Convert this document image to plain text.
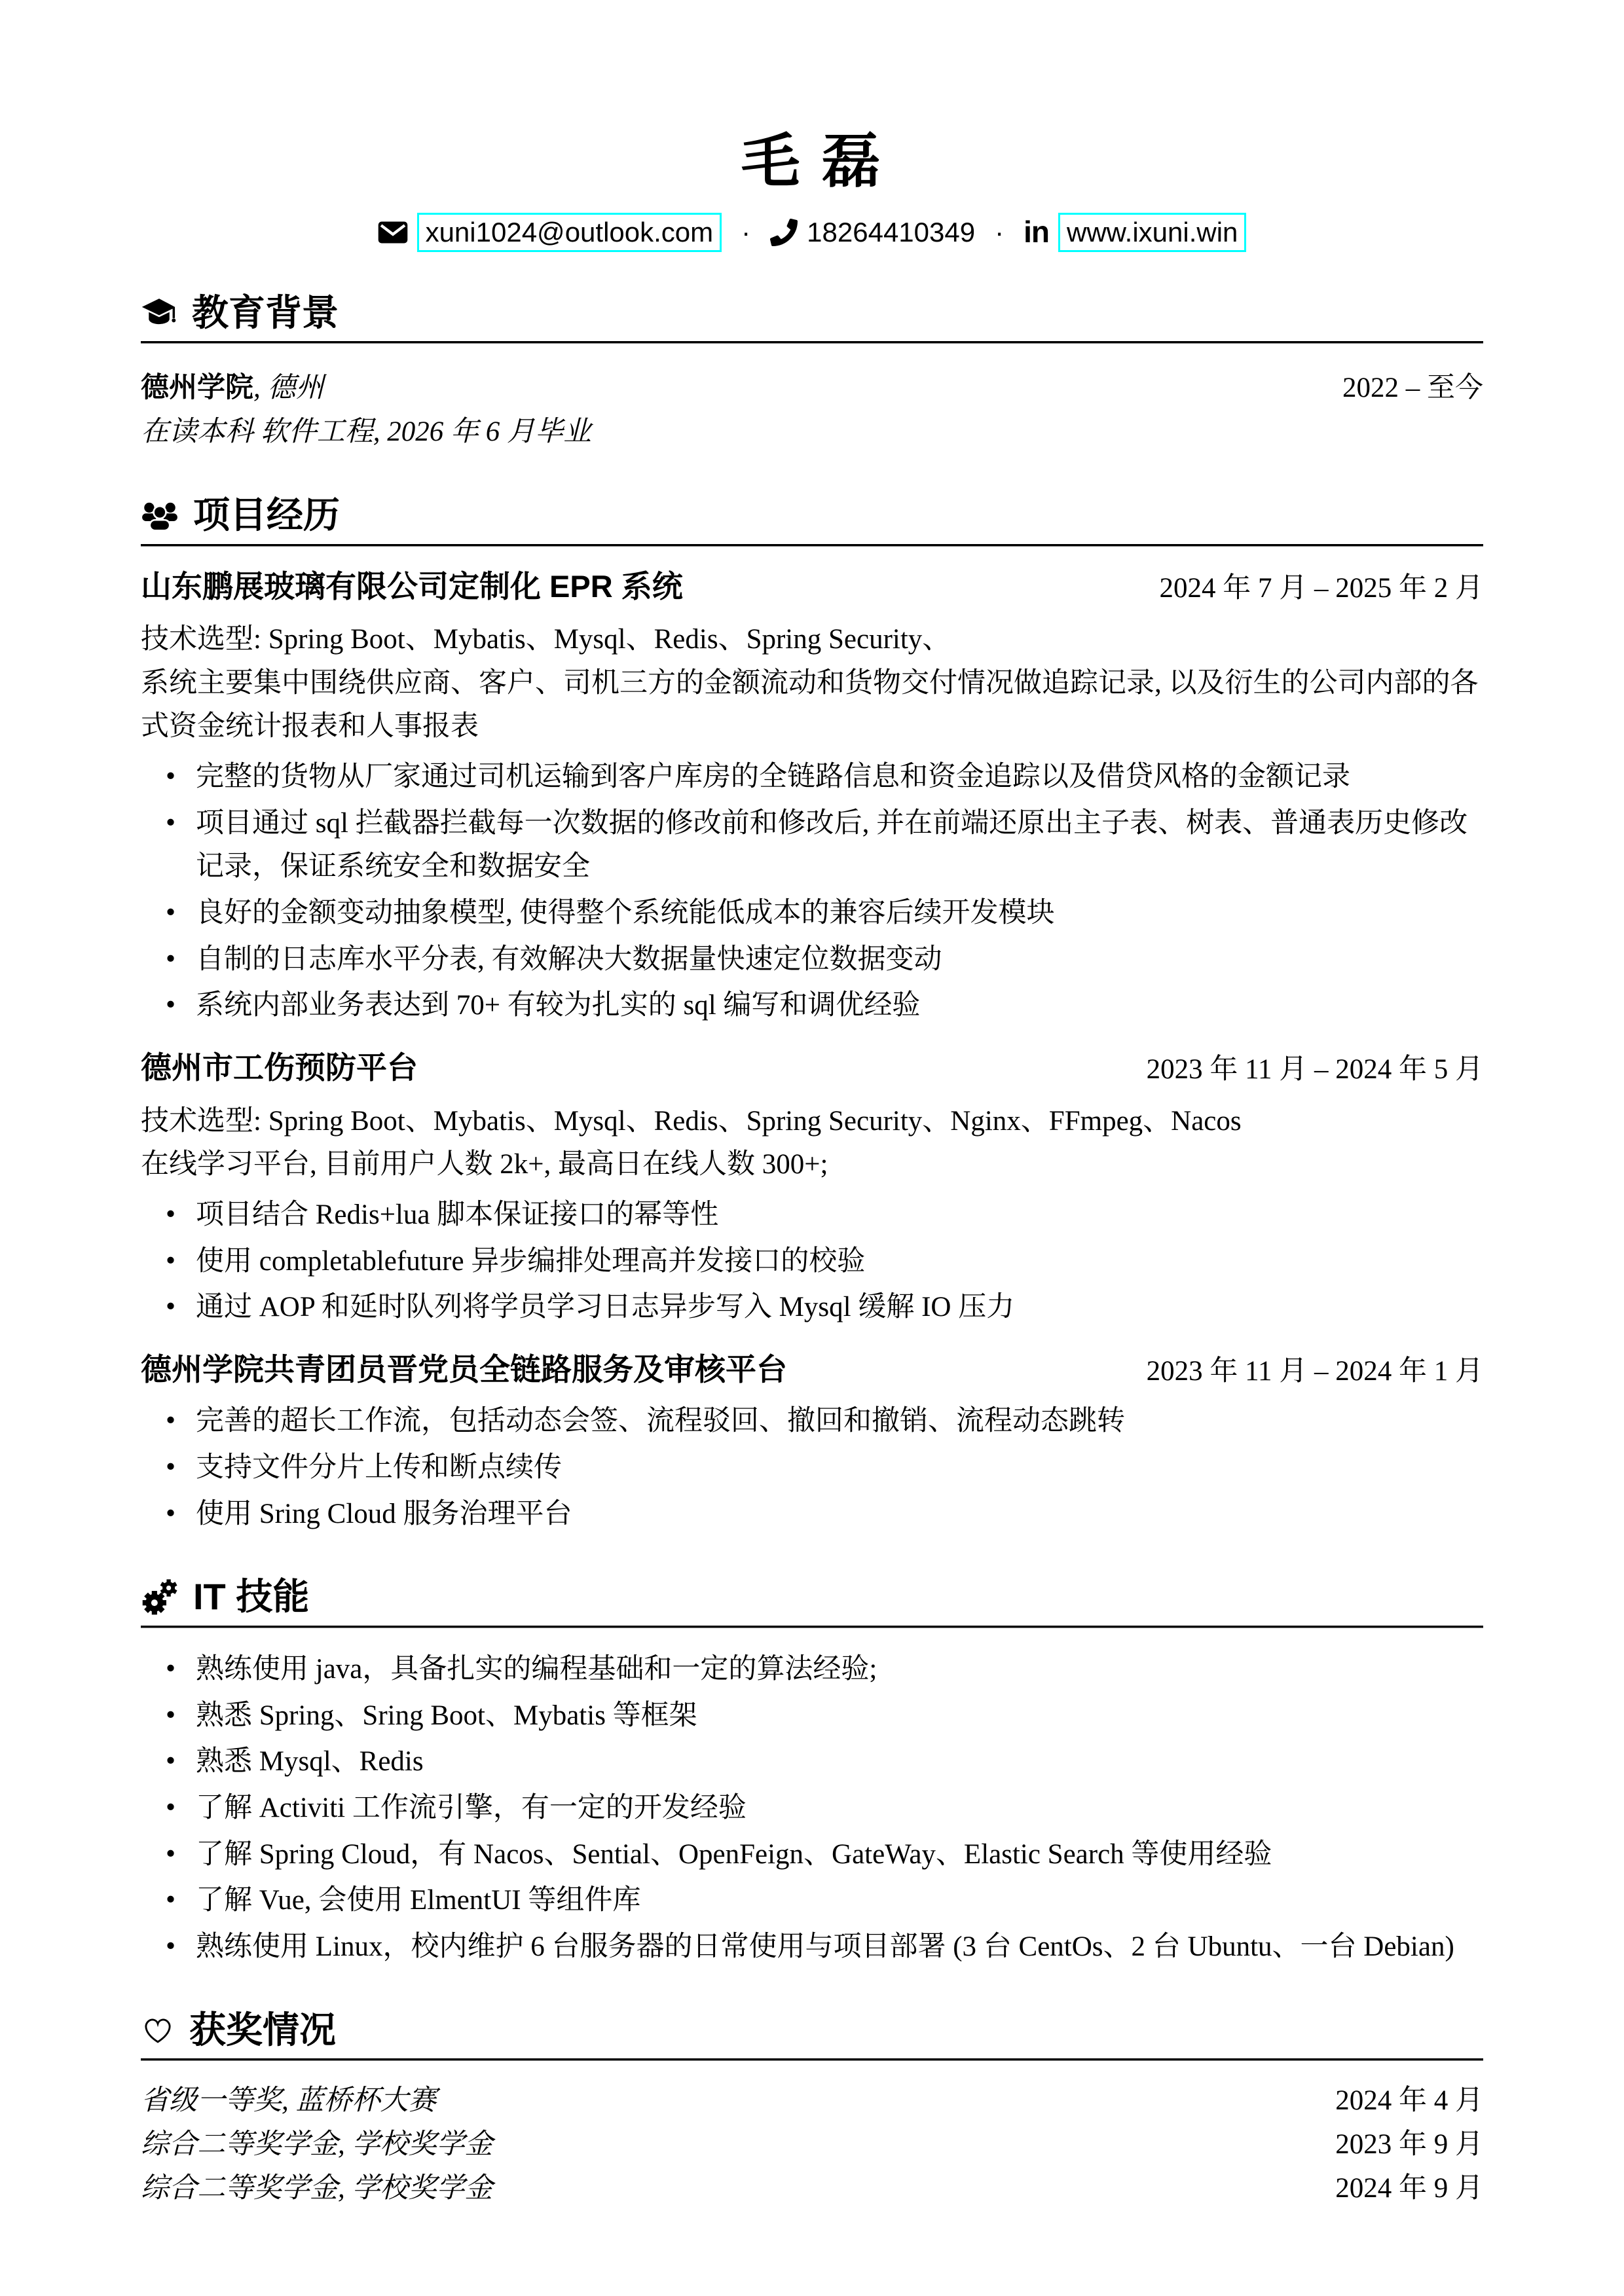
毛 磊
xuni1024@outlook.com	· 18264410349 · in www.ixuni.win
教育背景
德州学院, 德州	2022 – 至今
在读本科 软件工程, 2026 年 6 月毕业
项目经历
山东鹏展玻璃有限公司定制化 EPR 系统	2024 年 7 月 – 2025 年 2 月
技术选型: Spring Boot、Mybatis、Mysql、Redis、Spring Security、
系统主要集中围绕供应商、客户、司机三方的金额流动和货物交付情况做追踪记录, 以及衍生的公司内部的各式资金统计报表和人事报表
• 完整的货物从厂家通过司机运输到客户库房的全链路信息和资金追踪以及借贷风格的金额记录
• 项目通过 sql 拦截器拦截每一次数据的修改前和修改后, 并在前端还原出主子表、树表、普通表历史修改记录，保证系统安全和数据安全
• 良好的金额变动抽象模型, 使得整个系统能低成本的兼容后续开发模块
• 自制的日志库水平分表, 有效解决大数据量快速定位数据变动
• 系统内部业务表达到 70+ 有较为扎实的 sql 编写和调优经验
德州市工伤预防平台	2023 年 11 月 – 2024 年 5 月
技术选型: Spring Boot、Mybatis、Mysql、Redis、Spring Security、Nginx、FFmpeg、Nacos
在线学习平台, 目前用户人数 2k+, 最高日在线人数 300+;
• 项目结合 Redis+lua 脚本保证接口的幂等性
• 使用 completablefuture 异步编排处理高并发接口的校验
• 通过 AOP 和延时队列将学员学习日志异步写入 Mysql 缓解 IO 压力
德州学院共青团员晋党员全链路服务及审核平台	2023 年 11 月 – 2024 年 1 月
• 完善的超长工作流，包括动态会签、流程驳回、撤回和撤销、流程动态跳转
• 支持文件分片上传和断点续传
• 使用 Sring Cloud 服务治理平台
IT 技能
• 熟练使用 java，具备扎实的编程基础和一定的算法经验;
• 熟悉 Spring、Sring Boot、Mybatis 等框架
• 熟悉 Mysql、Redis
• 了解 Activiti 工作流引擎，有一定的开发经验
• 了解 Spring Cloud，有 Nacos、Sential、OpenFeign、GateWay、Elastic Search 等使用经验
• 了解 Vue, 会使用 ElmentUI 等组件库
• 熟练使用 Linux，校内维护 6 台服务器的日常使用与项目部署 (3 台 CentOs、2 台 Ubuntu、一台 Debian)
获奖情况
省级一等奖, 蓝桥杯大赛	2024 年 4 月
综合二等奖学金, 学校奖学金	2023 年 9 月
综合二等奖学金, 学校奖学金	2024 年 9 月
